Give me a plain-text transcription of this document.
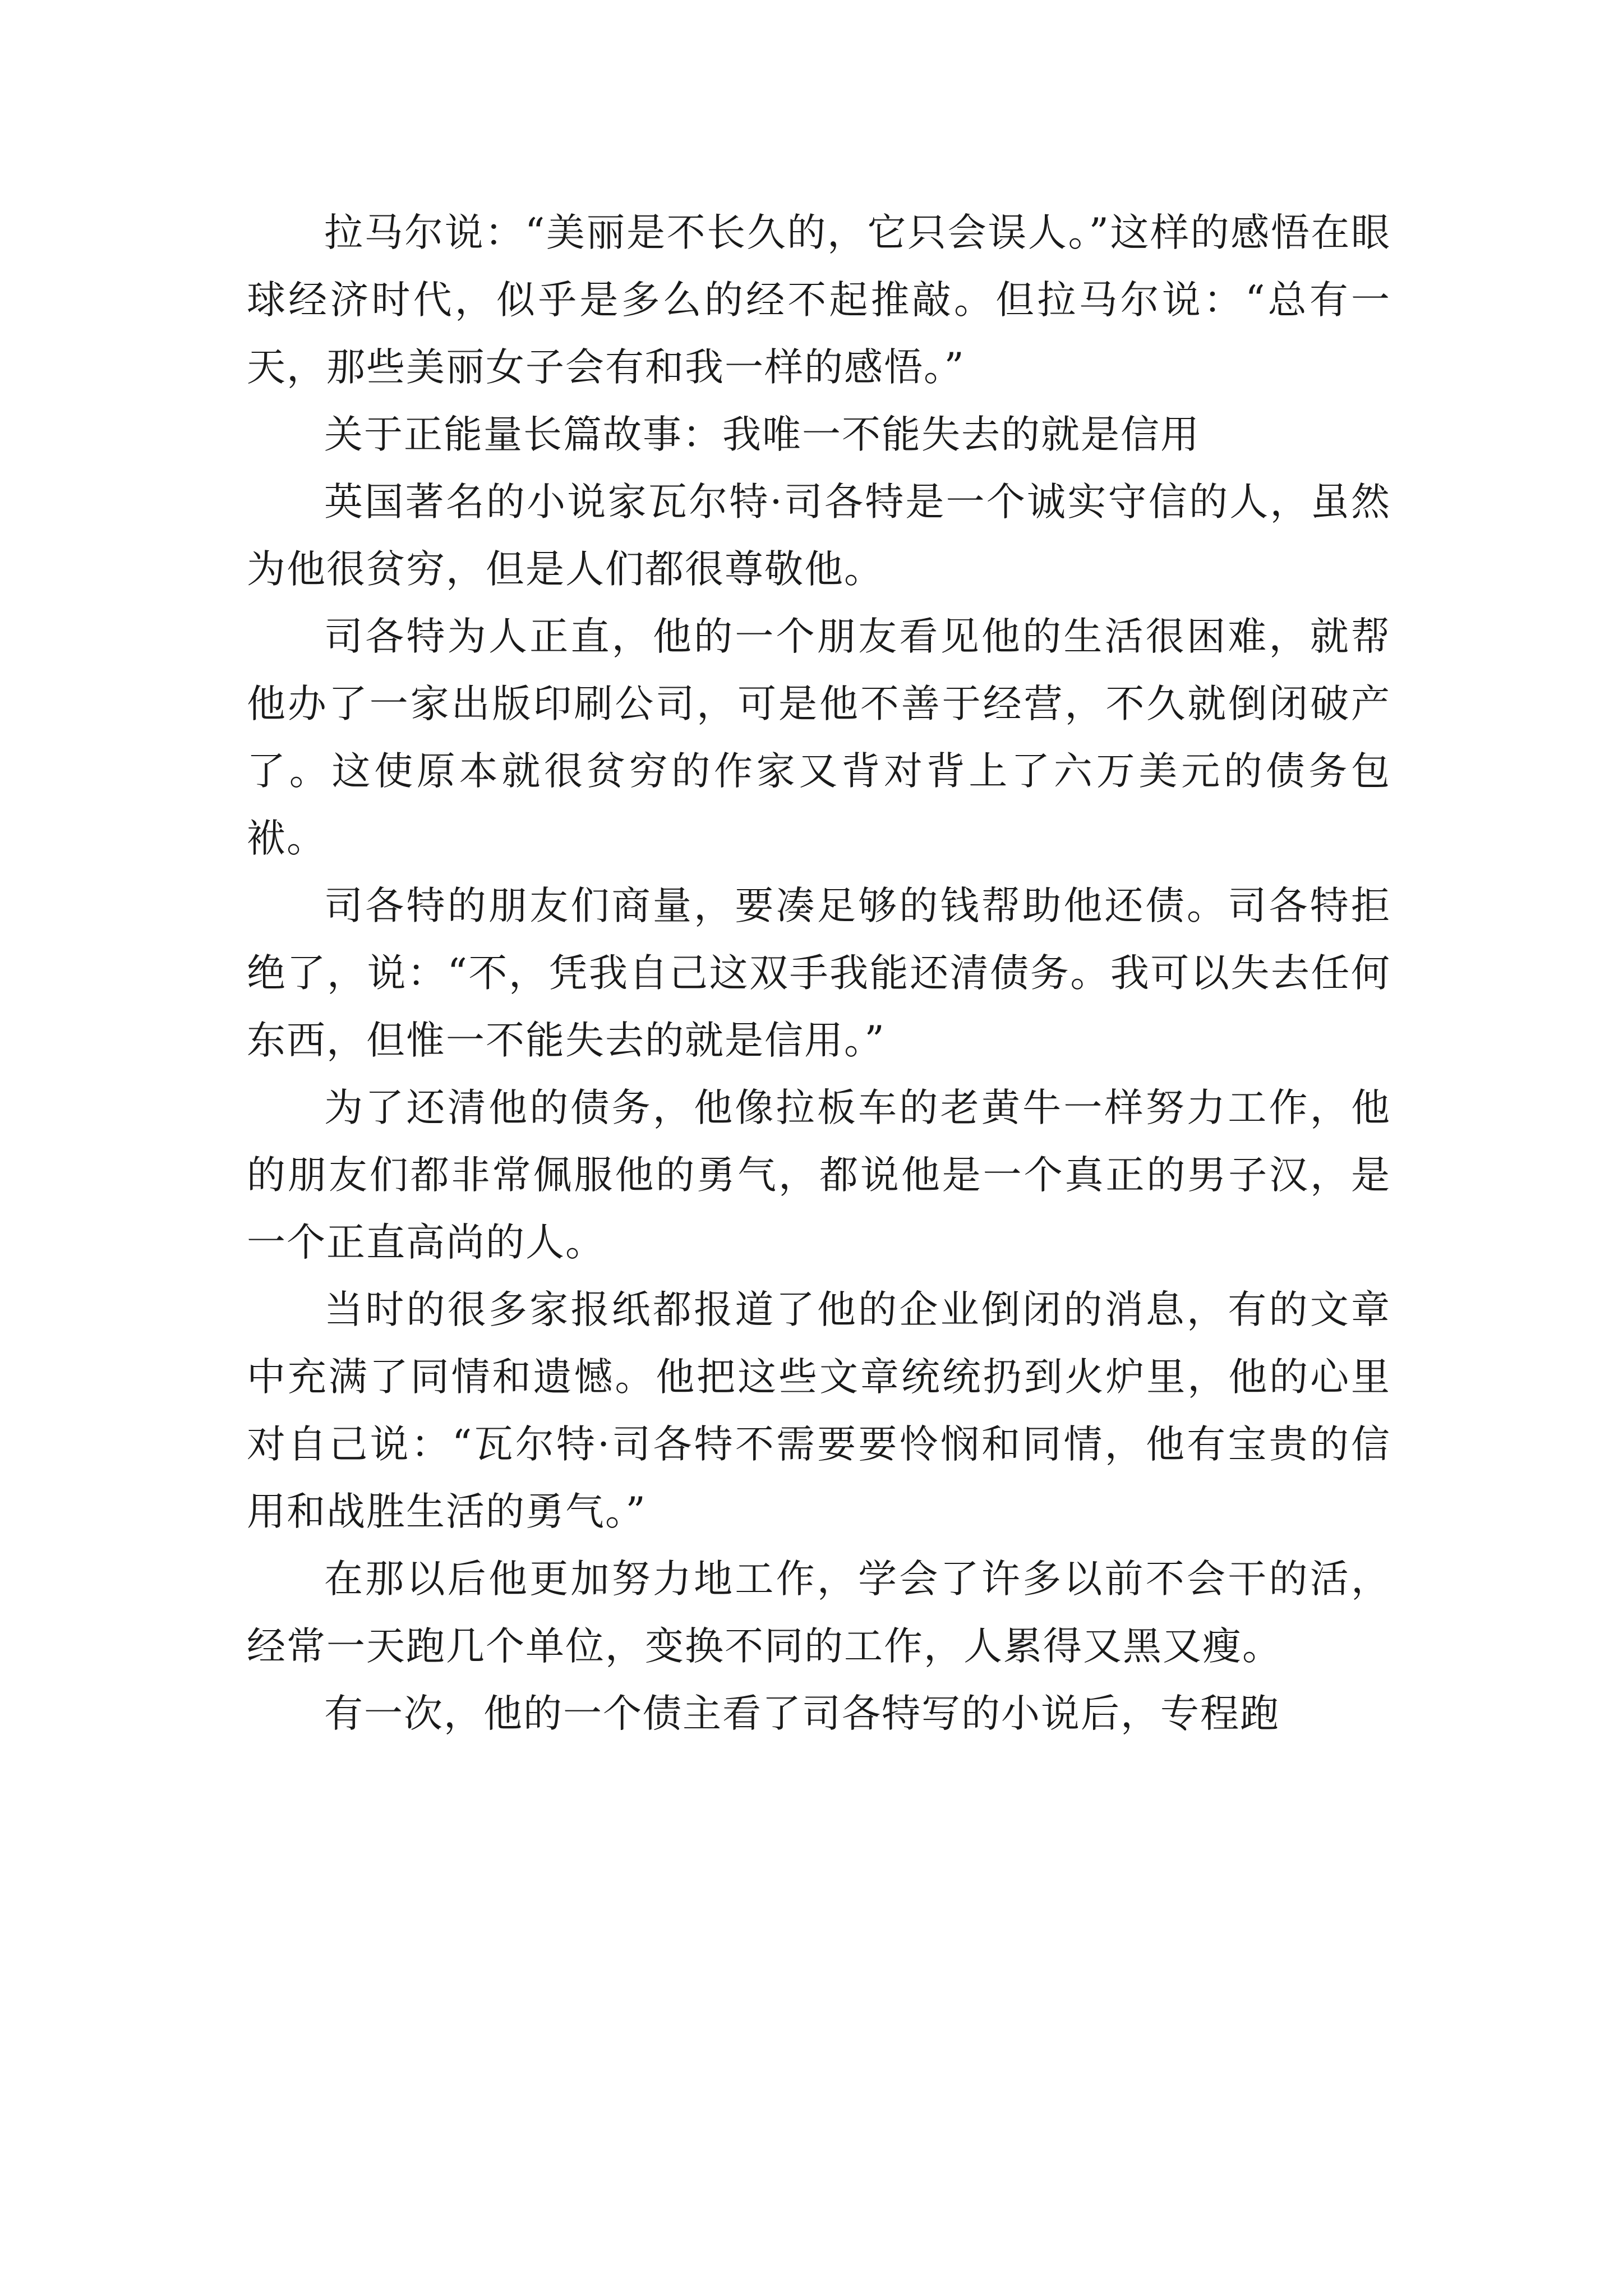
拉马尔说：“美丽是不长久的，它只会误人。”这样的感悟在眼球经济时代，似乎是多么的经不起推敲。但拉马尔说：“总有一天，那些美丽女子会有和我一样的感悟。”

关于正能量长篇故事：我唯一不能失去的就是信用

英国著名的小说家瓦尔特·司各特是一个诚实守信的人，虽然为他很贫穷，但是人们都很尊敬他。

司各特为人正直，他的一个朋友看见他的生活很困难，就帮他办了一家出版印刷公司，可是他不善于经营，不久就倒闭破产了。这使原本就很贫穷的作家又背对背上了六万美元的债务包袱。

司各特的朋友们商量，要凑足够的钱帮助他还债。司各特拒绝了，说：“不，凭我自己这双手我能还清债务。我可以失去任何东西，但惟一不能失去的就是信用。”

为了还清他的债务，他像拉板车的老黄牛一样努力工作，他的朋友们都非常佩服他的勇气，都说他是一个真正的男子汉，是一个正直高尚的人。

当时的很多家报纸都报道了他的企业倒闭的消息，有的文章中充满了同情和遗憾。他把这些文章统统扔到火炉里，他的心里对自己说：“瓦尔特·司各特不需要要怜悯和同情，他有宝贵的信用和战胜生活的勇气。”

在那以后他更加努力地工作，学会了许多以前不会干的活，经常一天跑几个单位，变换不同的工作，人累得又黑又瘦。

有一次，他的一个债主看了司各特写的小说后，专程跑
